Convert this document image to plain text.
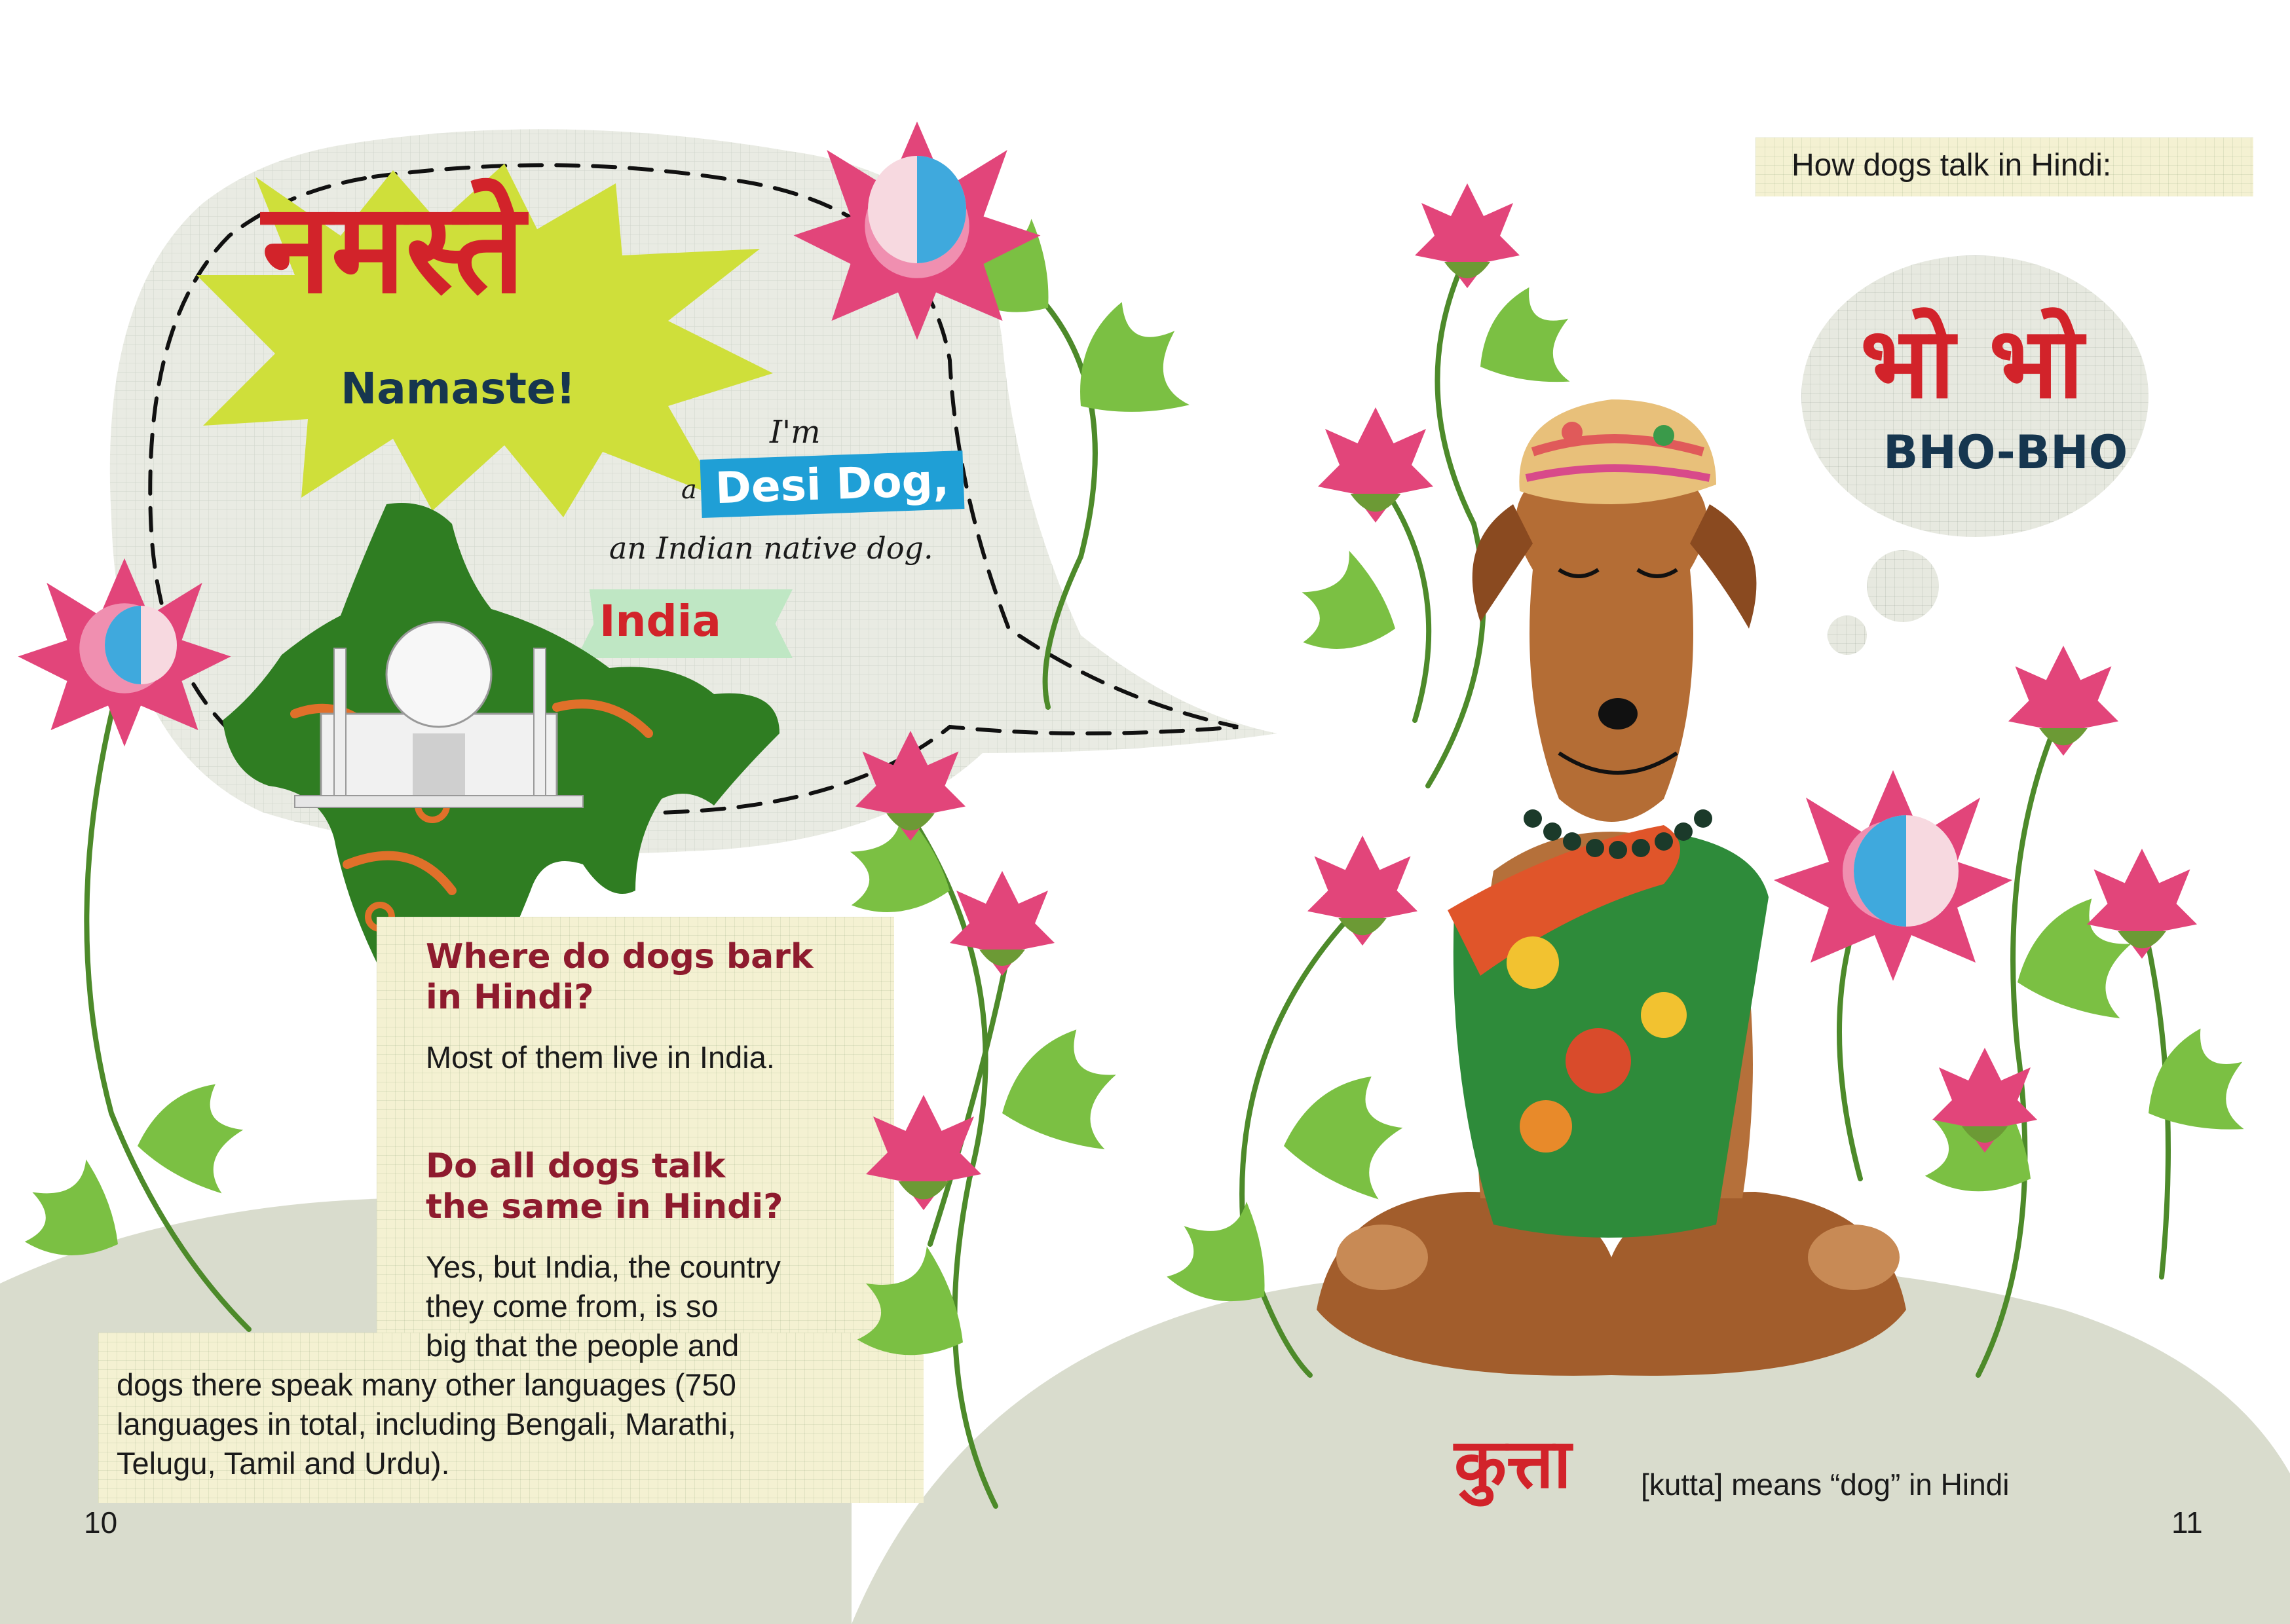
नमस्ते
Namaste!
I'm
a Desi Dog,
an Indian native dog.
India
Where do dogs bark
in Hindi?
Most of them live in India.
Do all dogs talk
the same in Hindi?
Yes, but India, the country
they come from, is so
big that the people and
dogs there speak many other languages (750
languages in total, including Bengali, Marathi,
Telugu, Tamil and Urdu).
10
How dogs talk in Hindi:
भो भो
BHO-BHO
कुत्ता [kutta] means “dog” in Hindi
11
